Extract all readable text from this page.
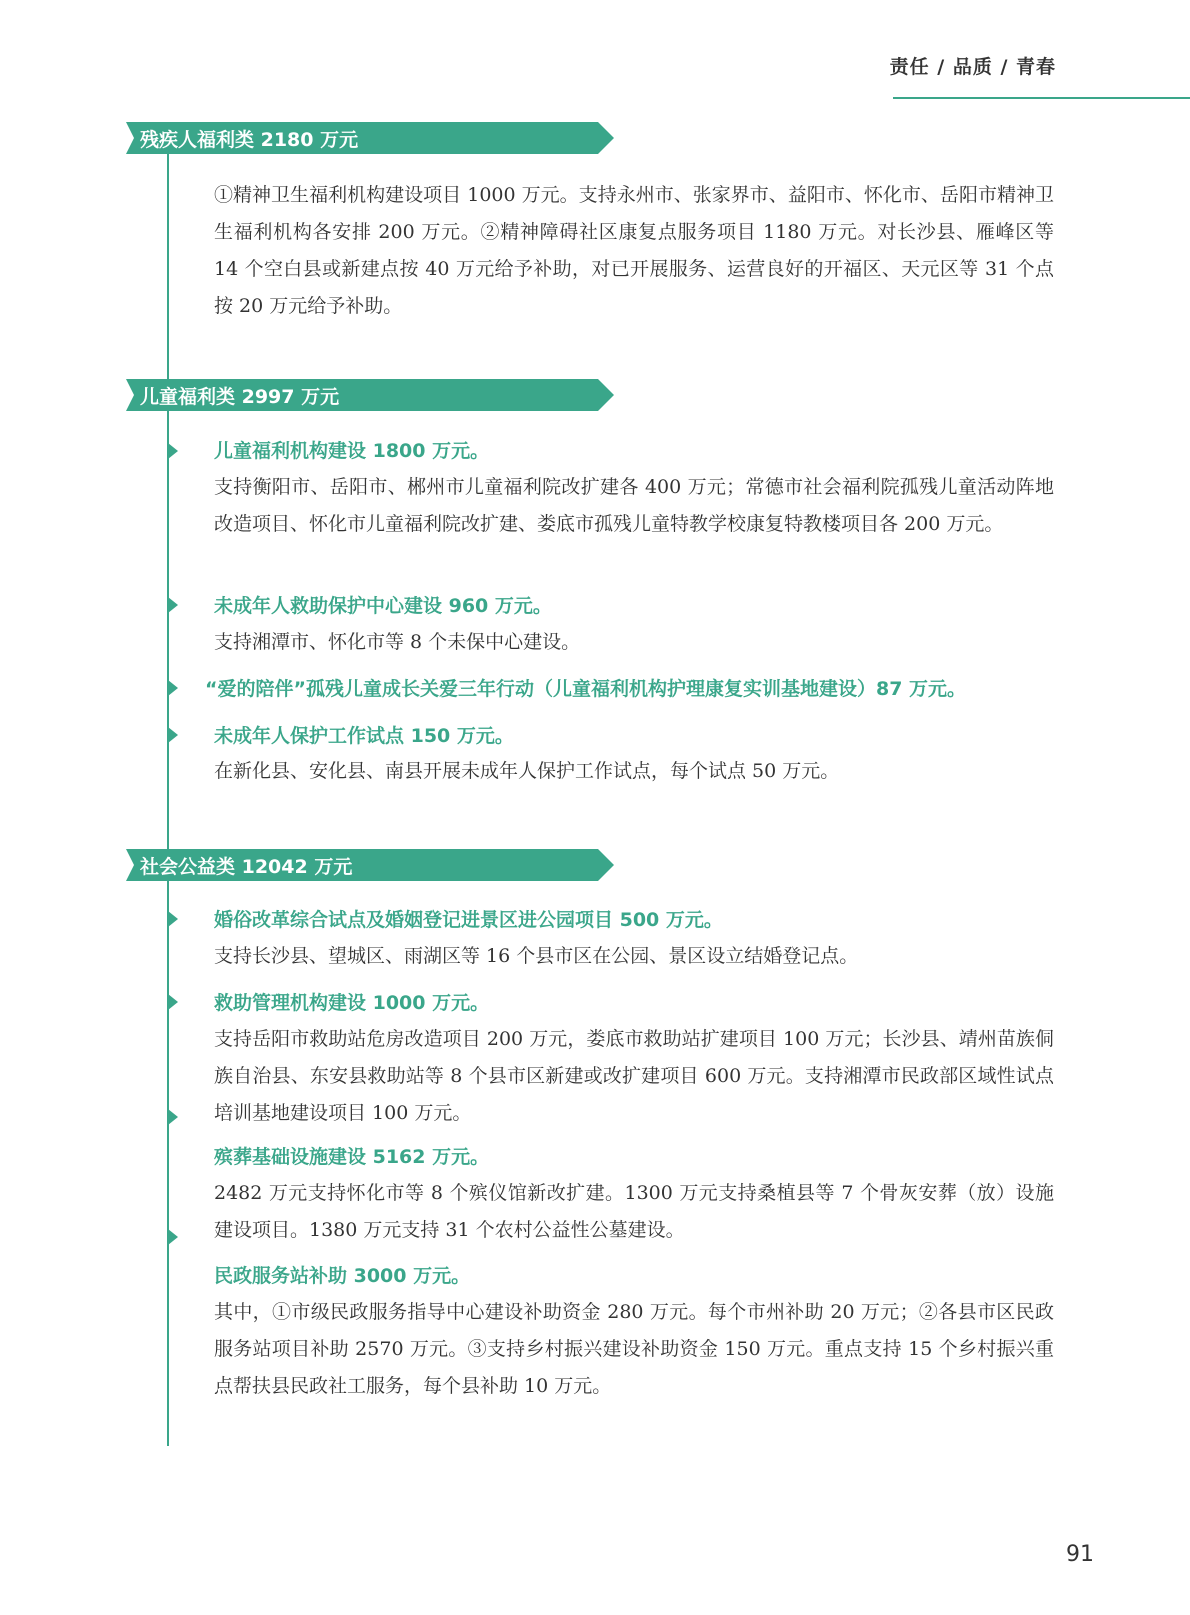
责任 / 品质 / 青春
残疾人福利类 2180 万元
①精神卫生福利机构建设项目 1000 万元。支持永州市、张家界市、益阳市、怀化市、岳阳市精神卫生福利机构各安排 200 万元。②精神障碍社区康复点服务项目 1180 万元。对长沙县、雁峰区等 14 个空白县或新建点按 40 万元给予补助，对已开展服务、运营良好的开福区、天元区等 31 个点按 20 万元给予补助。
儿童福利类 2997 万元
儿童福利机构建设 1800 万元。
支持衡阳市、岳阳市、郴州市儿童福利院改扩建各 400 万元；常德市社会福利院孤残儿童活动阵地改造项目、怀化市儿童福利院改扩建、娄底市孤残儿童特教学校康复特教楼项目各 200 万元。
未成年人救助保护中心建设 960 万元。
支持湘潭市、怀化市等 8 个未保中心建设。
“爱的陪伴”孤残儿童成长关爱三年行动（儿童福利机构护理康复实训基地建设）87 万元。
未成年人保护工作试点 150 万元。
在新化县、安化县、南县开展未成年人保护工作试点，每个试点 50 万元。
社会公益类 12042 万元
婚俗改革综合试点及婚姻登记进景区进公园项目 500 万元。
支持长沙县、望城区、雨湖区等 16 个县市区在公园、景区设立结婚登记点。
救助管理机构建设 1000 万元。
支持岳阳市救助站危房改造项目 200 万元，娄底市救助站扩建项目 100 万元；长沙县、靖州苗族侗族自治县、东安县救助站等 8 个县市区新建或改扩建项目 600 万元。支持湘潭市民政部区域性试点培训基地建设项目 100 万元。
殡葬基础设施建设 5162 万元。
2482 万元支持怀化市等 8 个殡仪馆新改扩建。1300 万元支持桑植县等 7 个骨灰安葬（放）设施建设项目。1380 万元支持 31 个农村公益性公墓建设。
民政服务站补助 3000 万元。
其中，①市级民政服务指导中心建设补助资金 280 万元。每个市州补助 20 万元；②各县市区民政服务站项目补助 2570 万元。③支持乡村振兴建设补助资金 150 万元。重点支持 15 个乡村振兴重点帮扶县民政社工服务，每个县补助 10 万元。
91
